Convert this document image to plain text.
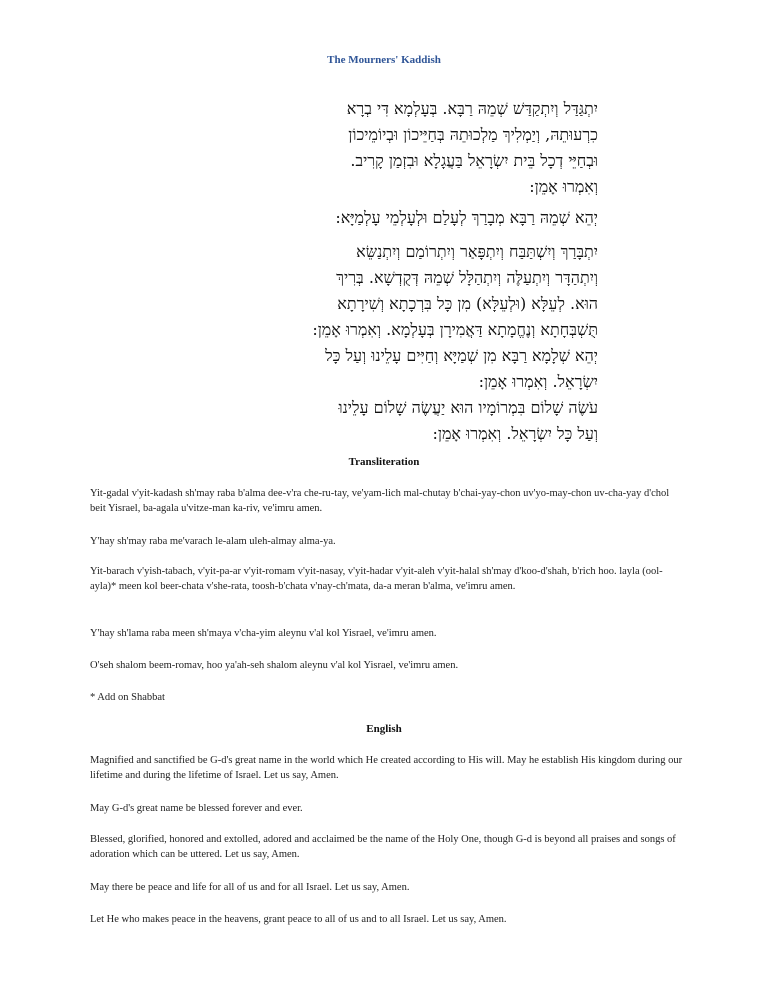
The Mourners' Kaddish
יִתְגַּדַּל וְיִתְקַדַּשׁ שְׁמֵהּ רַבָּא. בְּעָלְמָא דִּי בְרָא
כִרְעוּתֵהּ, וְיַמְלִיךְ מַלְכוּתֵהּ בְּחַיֵּיכוֹן וּבְיוֹמֵיכוֹן
וּבְחַיֵּי דְכָל בֵּית יִשְׂרָאֵל בַּעֲגָלָא וּבִזְמַן קָרִיב.
וְאִמְרוּ אָמֵן:
יְהֵא שְׁמֵהּ רַבָּא מְבָרַךְ לְעָלַם וּלְעָלְמֵי עָלְמַיָּא:
יִתְבָּרַךְ וְיִשְׁתַּבַּח וְיִתְפָּאַר וְיִתְרוֹמַם וְיִתְנַשֵּׂא
וְיִתְהַדָּר וְיִתְעַלֶּה וְיִתְהַלָּל שְׁמֵהּ דְּקֻדְשָׁא. בְּרִיךְ
הוּא. לְעֵלָּא (וּלְעֵלָּא) מִן כָּל בִּרְכָתָא וְשִׁירָתָא
תֻּשְׁבְּחָתָא וְנֶחֱמָתָא דַּאֲמִירָן בְּעָלְמָא. וְאִמְרוּ אָמֵן:
יְהֵא שְׁלָמָא רַבָּא מִן שְׁמַיָּא וְחַיִּים עָלֵינוּ וְעַל כָּל
יִשְׂרָאֵל. וְאִמְרוּ אָמֵן:
עֹשֶׂה שָׁלוֹם בִּמְרוֹמָיו הוּא יַעֲשֶׂה שָׁלוֹם עָלֵינוּ
וְעַל כָּל יִשְׂרָאֵל. וְאִמְרוּ אָמֵן:
Transliteration
Yit-gadal v'yit-kadash sh'may raba b'alma dee-v'ra che-ru-tay, ve'yam-lich mal-chutay b'chai-yay-chon uv'yo-may-chon uv-cha-yay d'chol beit Yisrael, ba-agala u'vitze-man ka-riv, ve'imru amen.
Y'hay sh'may raba me'varach le-alam uleh-almay alma-ya.
Yit-barach v'yish-tabach, v'yit-pa-ar v'yit-romam v'yit-nasay, v'yit-hadar v'yit-aleh v'yit-halal sh'may d'koo-d'shah, b'rich hoo. layla (ool-ayla)* meen kol beer-chata v'she-rata, toosh-b'chata v'nay-ch'mata, da-a meran b'alma, ve'imru amen.
Y'hay sh'lama raba meen sh'maya v'cha-yim aleynu v'al kol Yisrael, ve'imru amen.
O'seh shalom beem-romav, hoo ya'ah-seh shalom aleynu v'al kol Yisrael, ve'imru amen.
* Add on Shabbat
English
Magnified and sanctified be G-d's great name in the world which He created according to His will. May he establish His kingdom during our lifetime and during the lifetime of Israel. Let us say, Amen.
May G-d's great name be blessed forever and ever.
Blessed, glorified, honored and extolled, adored and acclaimed be the name of the Holy One, though G-d is beyond all praises and songs of adoration which can be uttered. Let us say, Amen.
May there be peace and life for all of us and for all Israel. Let us say, Amen.
Let He who makes peace in the heavens, grant peace to all of us and to all Israel. Let us say, Amen.
